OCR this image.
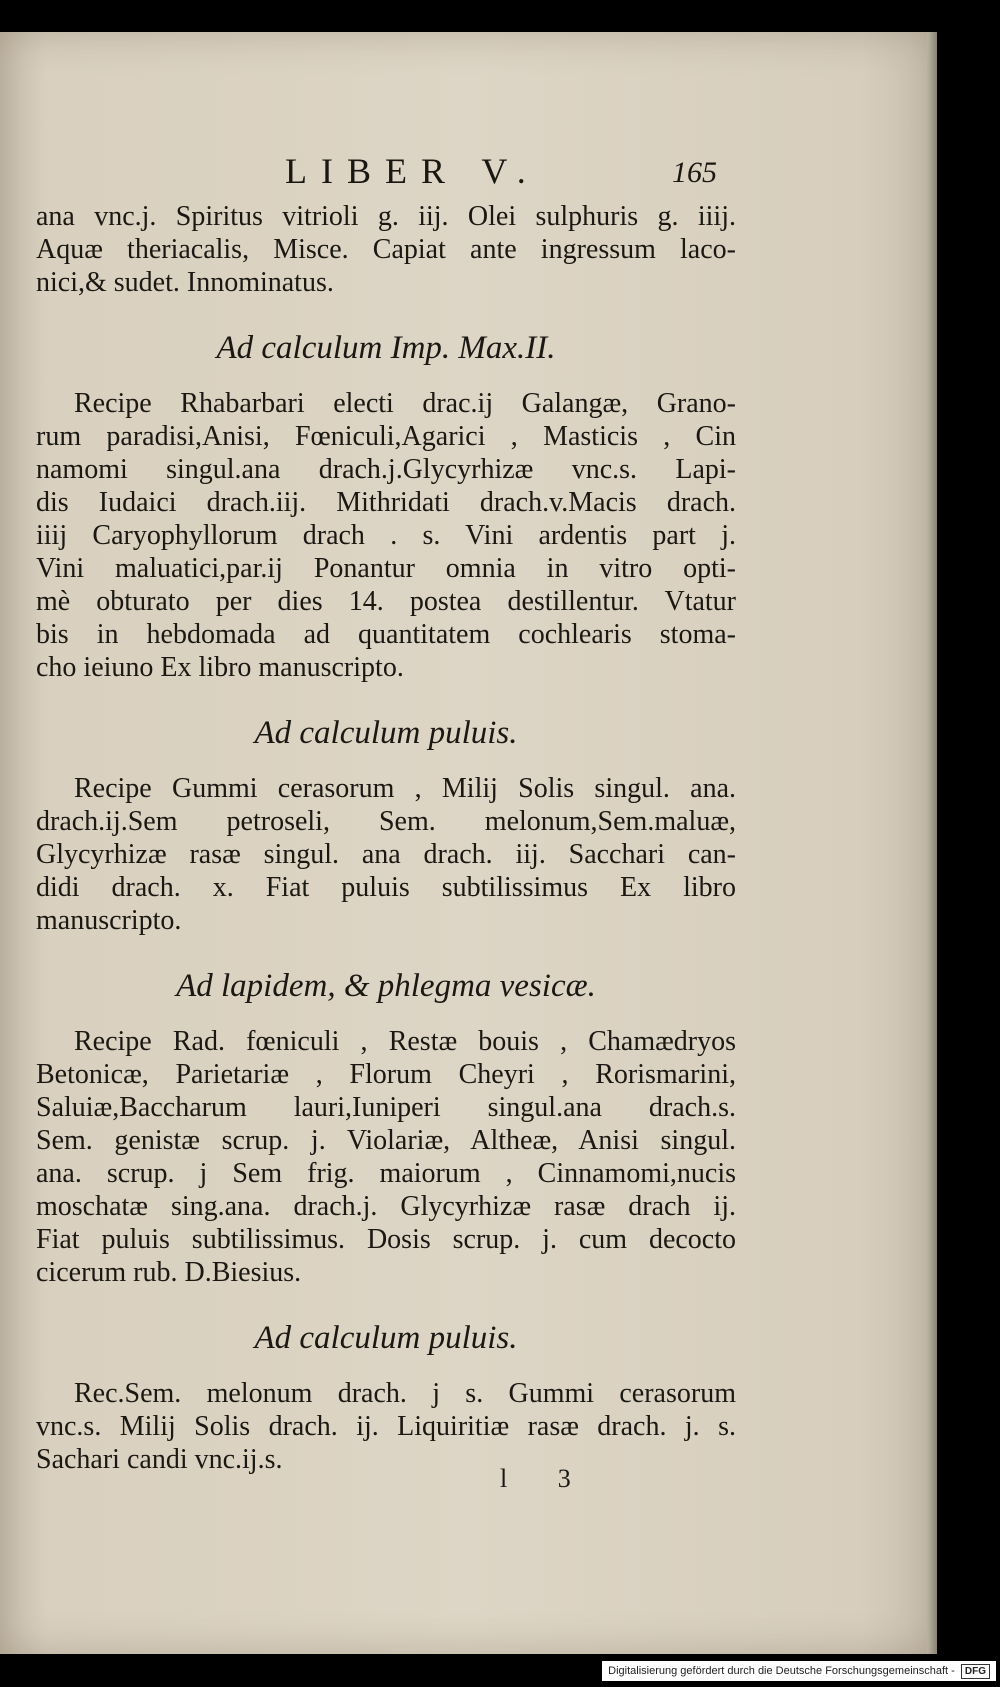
LIBER V.	165
ana vnc.j. Spiritus vitrioli g. iij. Olei sulphuris g. iiij.
Aquæ theriacalis, Misce. Capiat ante ingressum laco-
nici,& sudet. Innominatus.
Ad calculum Imp. Max.II.
Recipe Rhabarbari electi drac.ij Galangæ, Grano-
rum paradisi,Anisi, Fœniculi,Agarici , Masticis , Cin
namomi singul.ana drach.j.Glycyrhizæ vnc.s. Lapi-
dis Iudaici drach.iij. Mithridati drach.v.Macis drach.
iiij Caryophyllorum drach . s. Vini ardentis part j.
Vini maluatici,par.ij Ponantur omnia in vitro opti-
mè obturato per dies 14. postea destillentur. Vtatur
bis in hebdomada ad quantitatem cochlearis stoma-
cho ieiuno Ex libro manuscripto.
Ad calculum puluis.
Recipe Gummi cerasorum , Milij Solis singul. ana.
drach.ij.Sem petroseli, Sem. melonum,Sem.maluæ,
Glycyrhizæ rasæ singul. ana drach. iij. Sacchari can-
didi drach. x. Fiat puluis subtilissimus Ex libro
manuscripto.
Ad lapidem, & phlegma vesicæ.
Recipe Rad. fœniculi , Restæ bouis , Chamædryos
Betonicæ, Parietariæ , Florum Cheyri , Rorismarini,
Saluiæ,Baccharum lauri,Iuniperi singul.ana drach.s.
Sem. genistæ scrup. j. Violariæ, Altheæ, Anisi singul.
ana. scrup. j Sem frig. maiorum , Cinnamomi,nucis
moschatæ sing.ana. drach.j. Glycyrhizæ rasæ drach ij.
Fiat puluis subtilissimus. Dosis scrup. j. cum decocto
cicerum rub. D.Biesius.
Ad calculum puluis.
Rec.Sem. melonum drach. j s. Gummi cerasorum
vnc.s. Milij Solis drach. ij. Liquiritiæ rasæ drach. j. s.
Sachari candi vnc.ij.s.
l 3
Digitalisierung gefördert durch die Deutsche Forschungsgemeinschaft - DFG
